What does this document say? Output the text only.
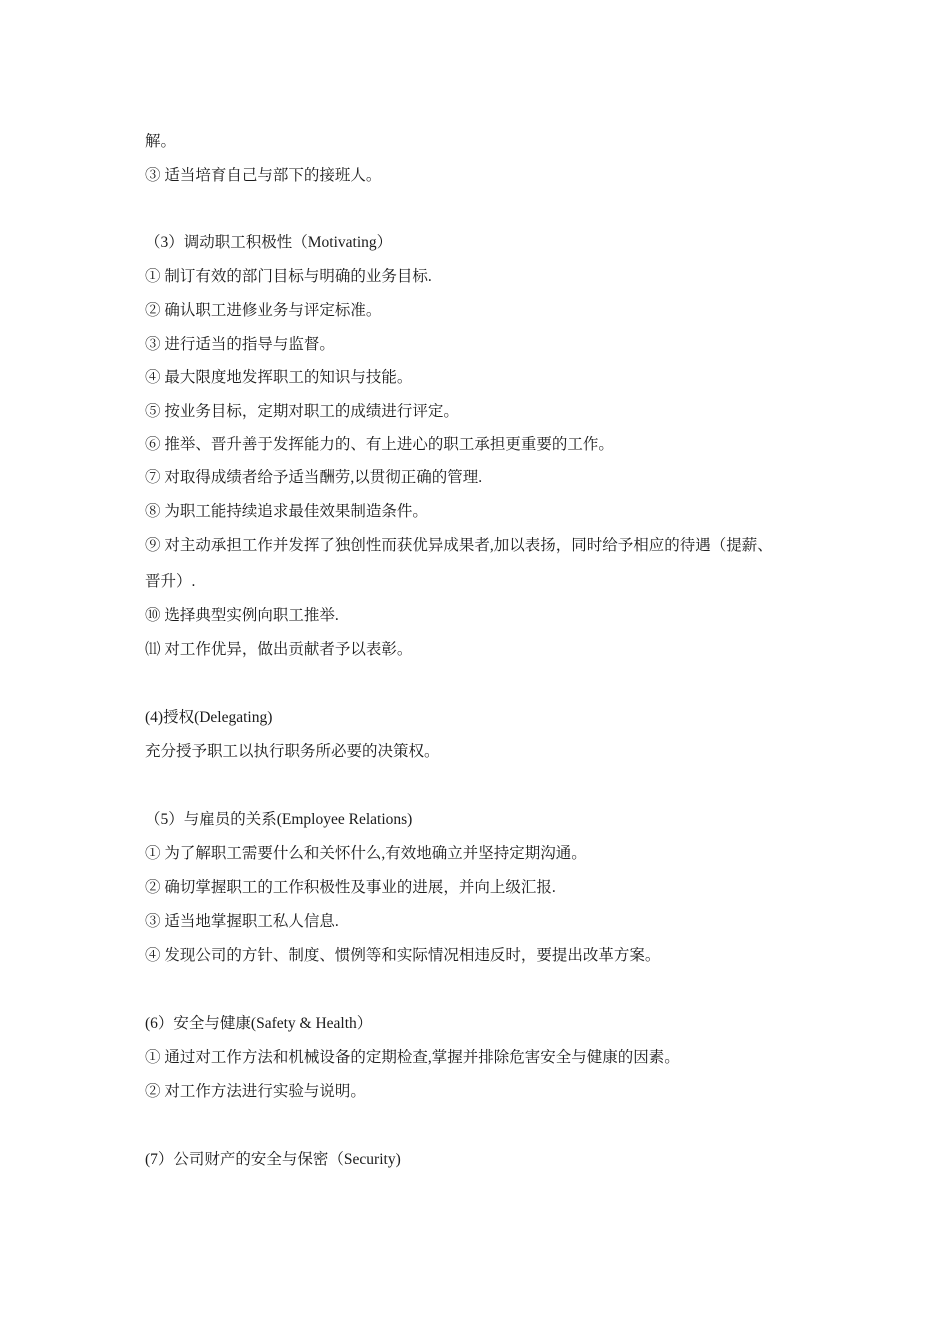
解。
③ 适当培育自己与部下的接班人。
（3）调动职工积极性（Motivating）
① 制订有效的部门目标与明确的业务目标.
② 确认职工进修业务与评定标准。
③ 进行适当的指导与监督。
④ 最大限度地发挥职工的知识与技能。
⑤ 按业务目标，定期对职工的成绩进行评定。
⑥ 推举、晋升善于发挥能力的、有上进心的职工承担更重要的工作。
⑦ 对取得成绩者给予适当酬劳,以贯彻正确的管理.
⑧ 为职工能持续追求最佳效果制造条件。
⑨ 对主动承担工作并发挥了独创性而获优异成果者,加以表扬，同时给予相应的待遇（提薪、
晋升）.
⑩ 选择典型实例向职工推举.
⑾ 对工作优异，做出贡献者予以表彰。
(4)授权(Delegating)
充分授予职工以执行职务所必要的决策权。
（5）与雇员的关系(Employee Relations)
① 为了解职工需要什么和关怀什么,有效地确立并坚持定期沟通。
② 确切掌握职工的工作积极性及事业的进展，并向上级汇报.
③ 适当地掌握职工私人信息.
④ 发现公司的方针、制度、惯例等和实际情况相违反时，要提出改革方案。
(6）安全与健康(Safety & Health）
① 通过对工作方法和机械设备的定期检查,掌握并排除危害安全与健康的因素。
② 对工作方法进行实验与说明。
(7）公司财产的安全与保密（Security)
